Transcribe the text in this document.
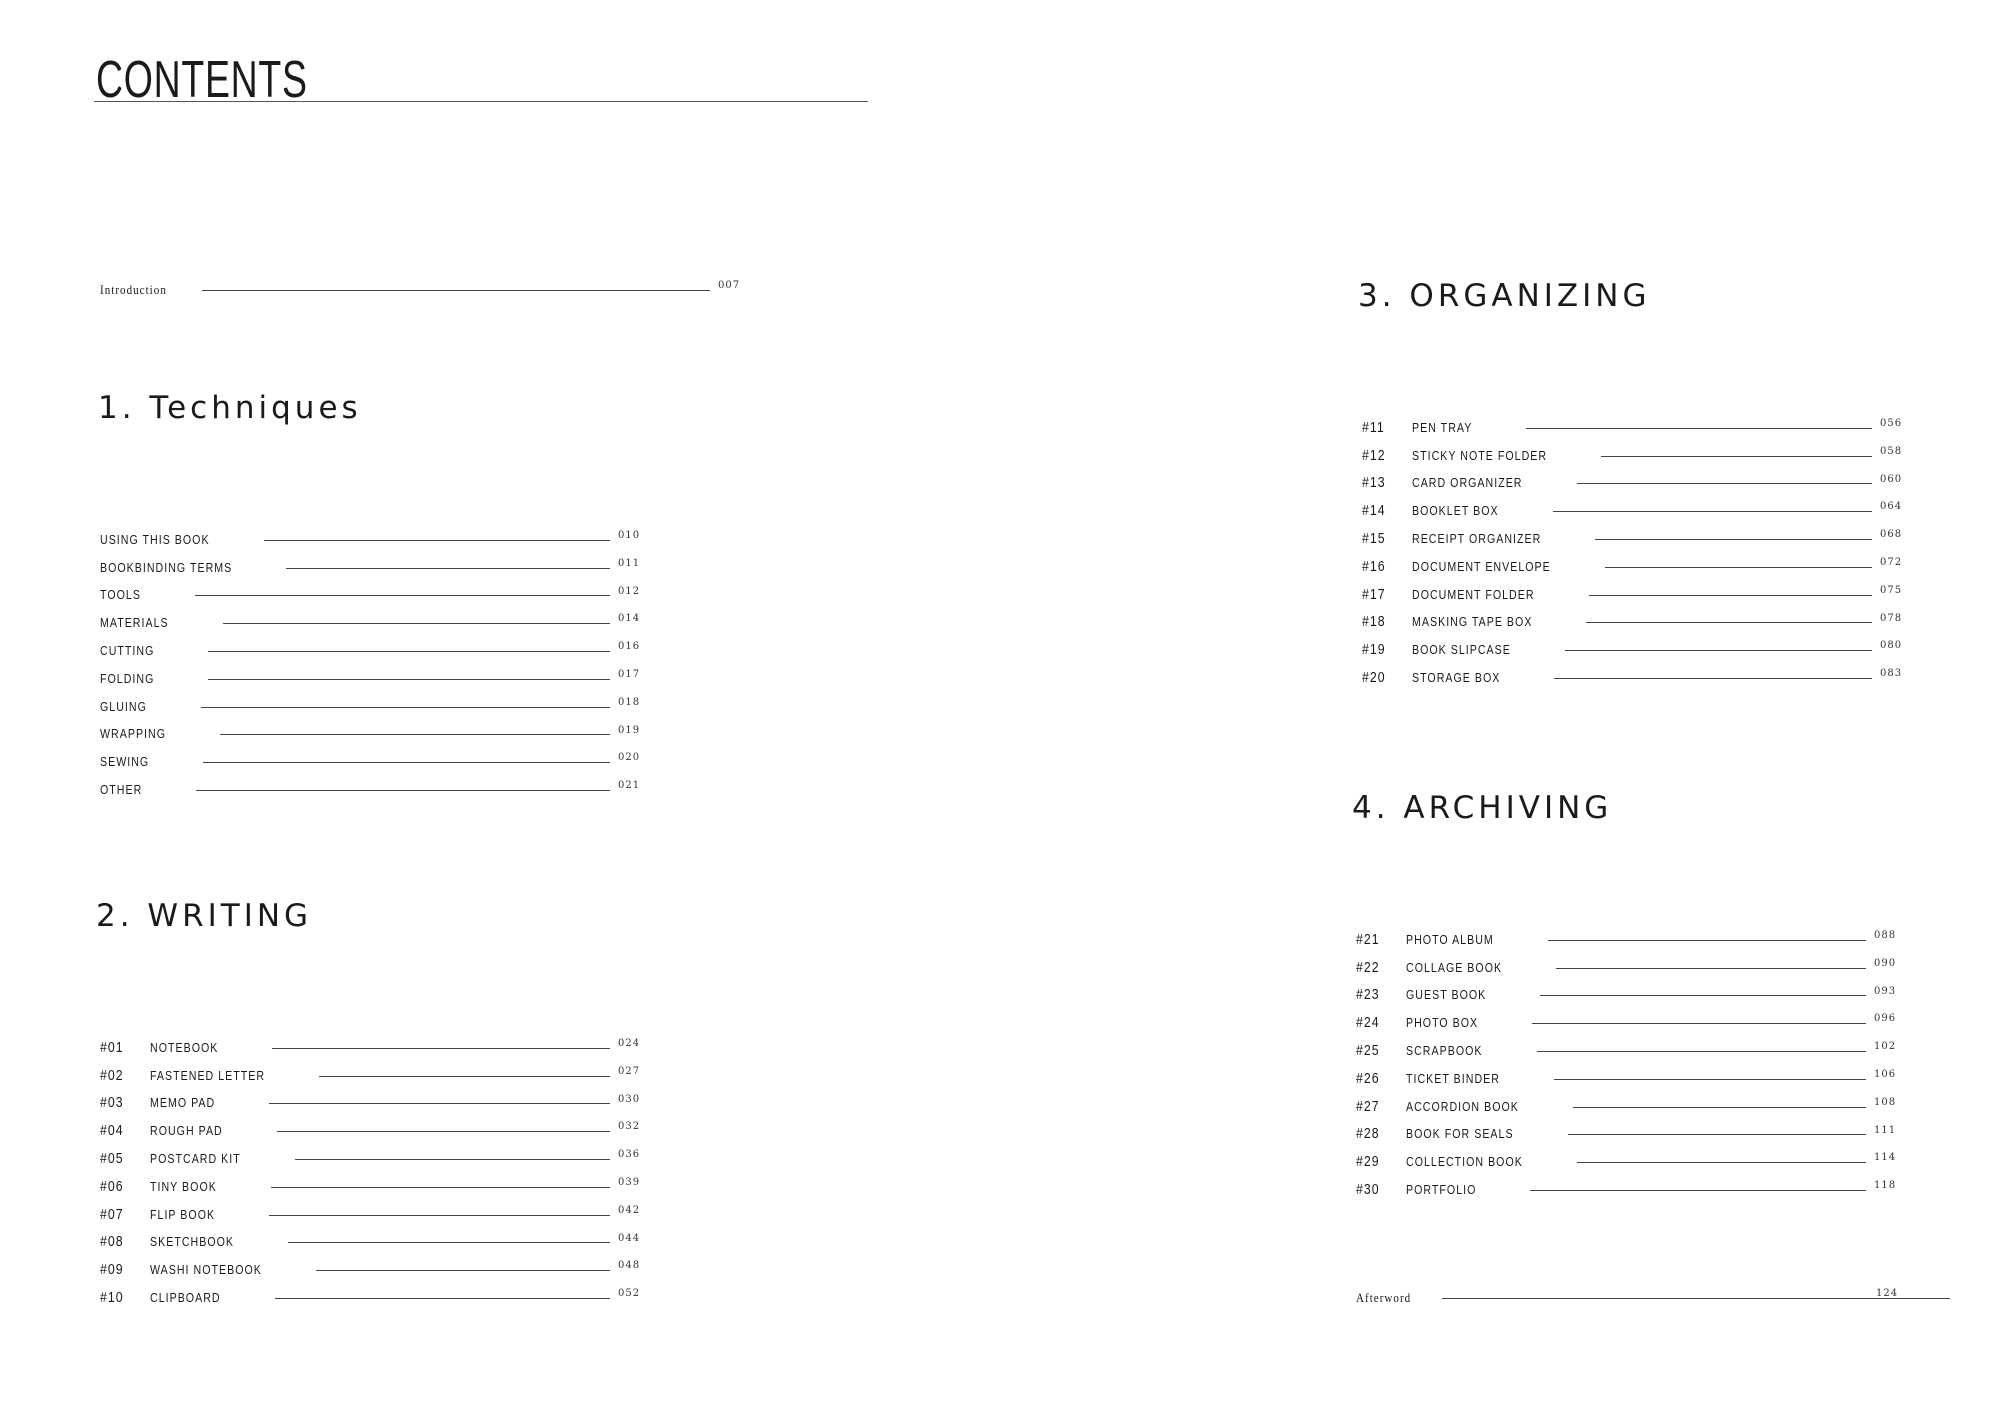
CONTENTS
Introduction	007
1. Techniques
USING THIS BOOK	010
BOOKBINDING TERMS	011
TOOLS	012
MATERIALS	014
CUTTING	016
FOLDING	017
GLUING	018
WRAPPING	019
SEWING	020
OTHER	021
2. WRITING
#01	NOTEBOOK	024
#02	FASTENED LETTER	027
#03	MEMO PAD	030
#04	ROUGH PAD	032
#05	POSTCARD KIT	036
#06	TINY BOOK	039
#07	FLIP BOOK	042
#08	SKETCHBOOK	044
#09	WASHI NOTEBOOK	048
#10	CLIPBOARD	052
3. ORGANIZING
#11	PEN TRAY	056
#12	STICKY NOTE FOLDER	058
#13	CARD ORGANIZER	060
#14	BOOKLET BOX	064
#15	RECEIPT ORGANIZER	068
#16	DOCUMENT ENVELOPE	072
#17	DOCUMENT FOLDER	075
#18	MASKING TAPE BOX	078
#19	BOOK SLIPCASE	080
#20	STORAGE BOX	083
4. ARCHIVING
#21	PHOTO ALBUM	088
#22	COLLAGE BOOK	090
#23	GUEST BOOK	093
#24	PHOTO BOX	096
#25	SCRAPBOOK	102
#26	TICKET BINDER	106
#27	ACCORDION BOOK	108
#28	BOOK FOR SEALS	111
#29	COLLECTION BOOK	114
#30	PORTFOLIO	118
Afterword	124
